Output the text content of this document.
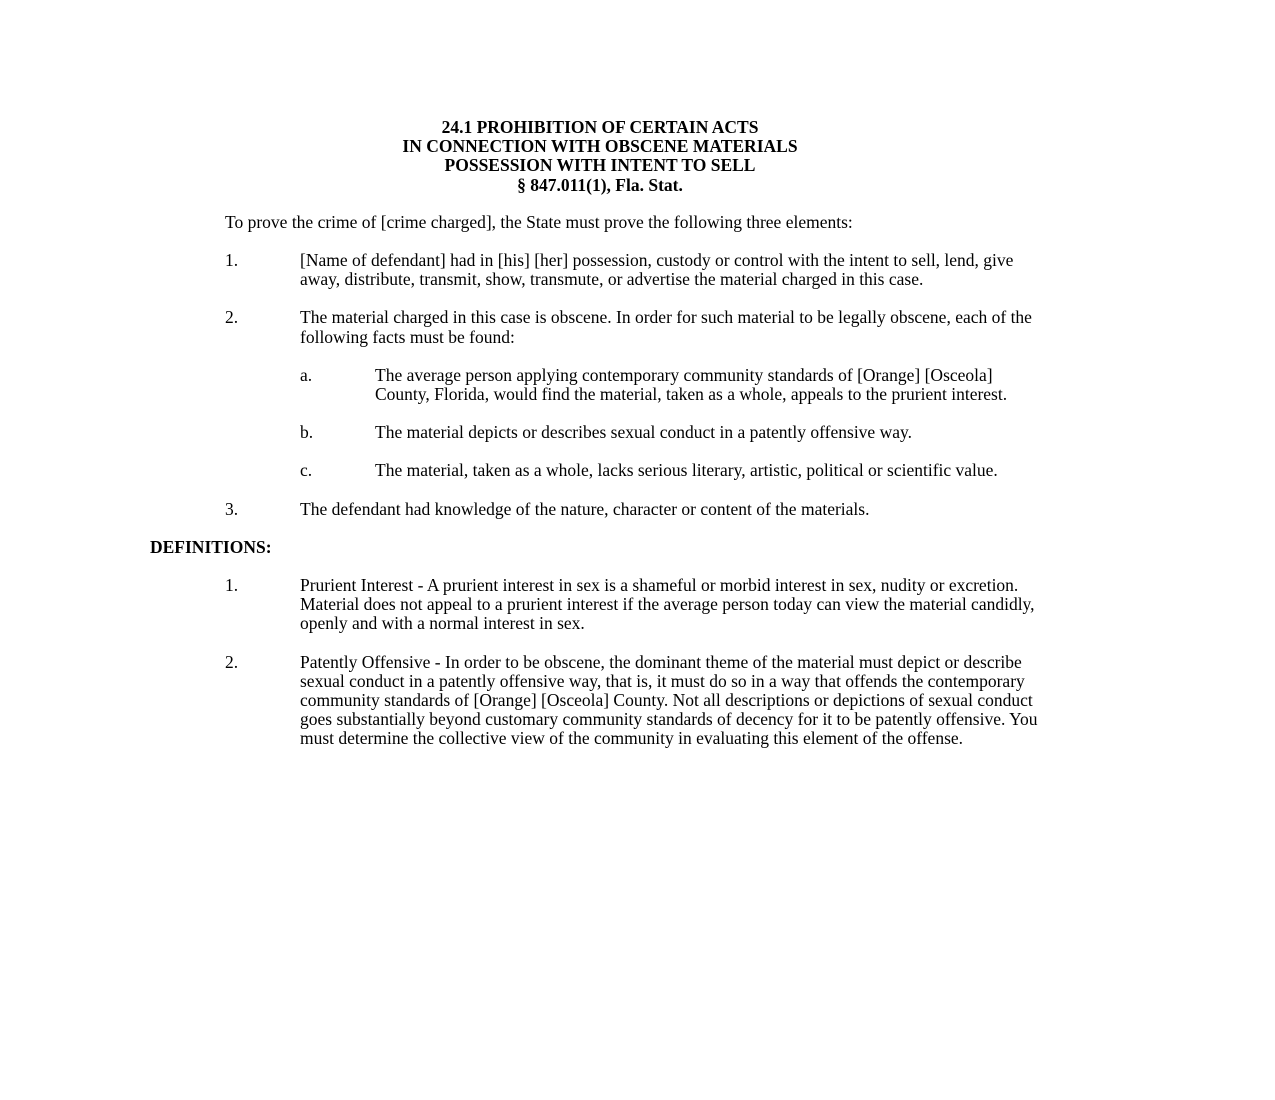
24.1 PROHIBITION OF CERTAIN ACTS
IN CONNECTION WITH OBSCENE MATERIALS
POSSESSION WITH INTENT TO SELL
§ 847.011(1), Fla. Stat.
To prove the crime of [crime charged], the State must prove the following three elements:
1.	[Name of defendant] had in [his] [her] possession, custody or control with the intent to sell, lend, give away, distribute, transmit, show, transmute, or advertise the material charged in this case.
2.	The material charged in this case is obscene. In order for such material to be legally obscene, each of the following facts must be found:
a.	The average person applying contemporary community standards of [Orange] [Osceola] County, Florida, would find the material, taken as a whole, appeals to the prurient interest.
b.	The material depicts or describes sexual conduct in a patently offensive way.
c.	The material, taken as a whole, lacks serious literary, artistic, political or scientific value.
3.	The defendant had knowledge of the nature, character or content of the materials.
DEFINITIONS:
1.	Prurient Interest - A prurient interest in sex is a shameful or morbid interest in sex, nudity or excretion. Material does not appeal to a prurient interest if the average person today can view the material candidly, openly and with a normal interest in sex.
2.	Patently Offensive - In order to be obscene, the dominant theme of the material must depict or describe sexual conduct in a patently offensive way, that is, it must do so in a way that offends the contemporary community standards of [Orange] [Osceola] County. Not all descriptions or depictions of sexual conduct goes substantially beyond customary community standards of decency for it to be patently offensive. You must determine the collective view of the community in evaluating this element of the offense.
